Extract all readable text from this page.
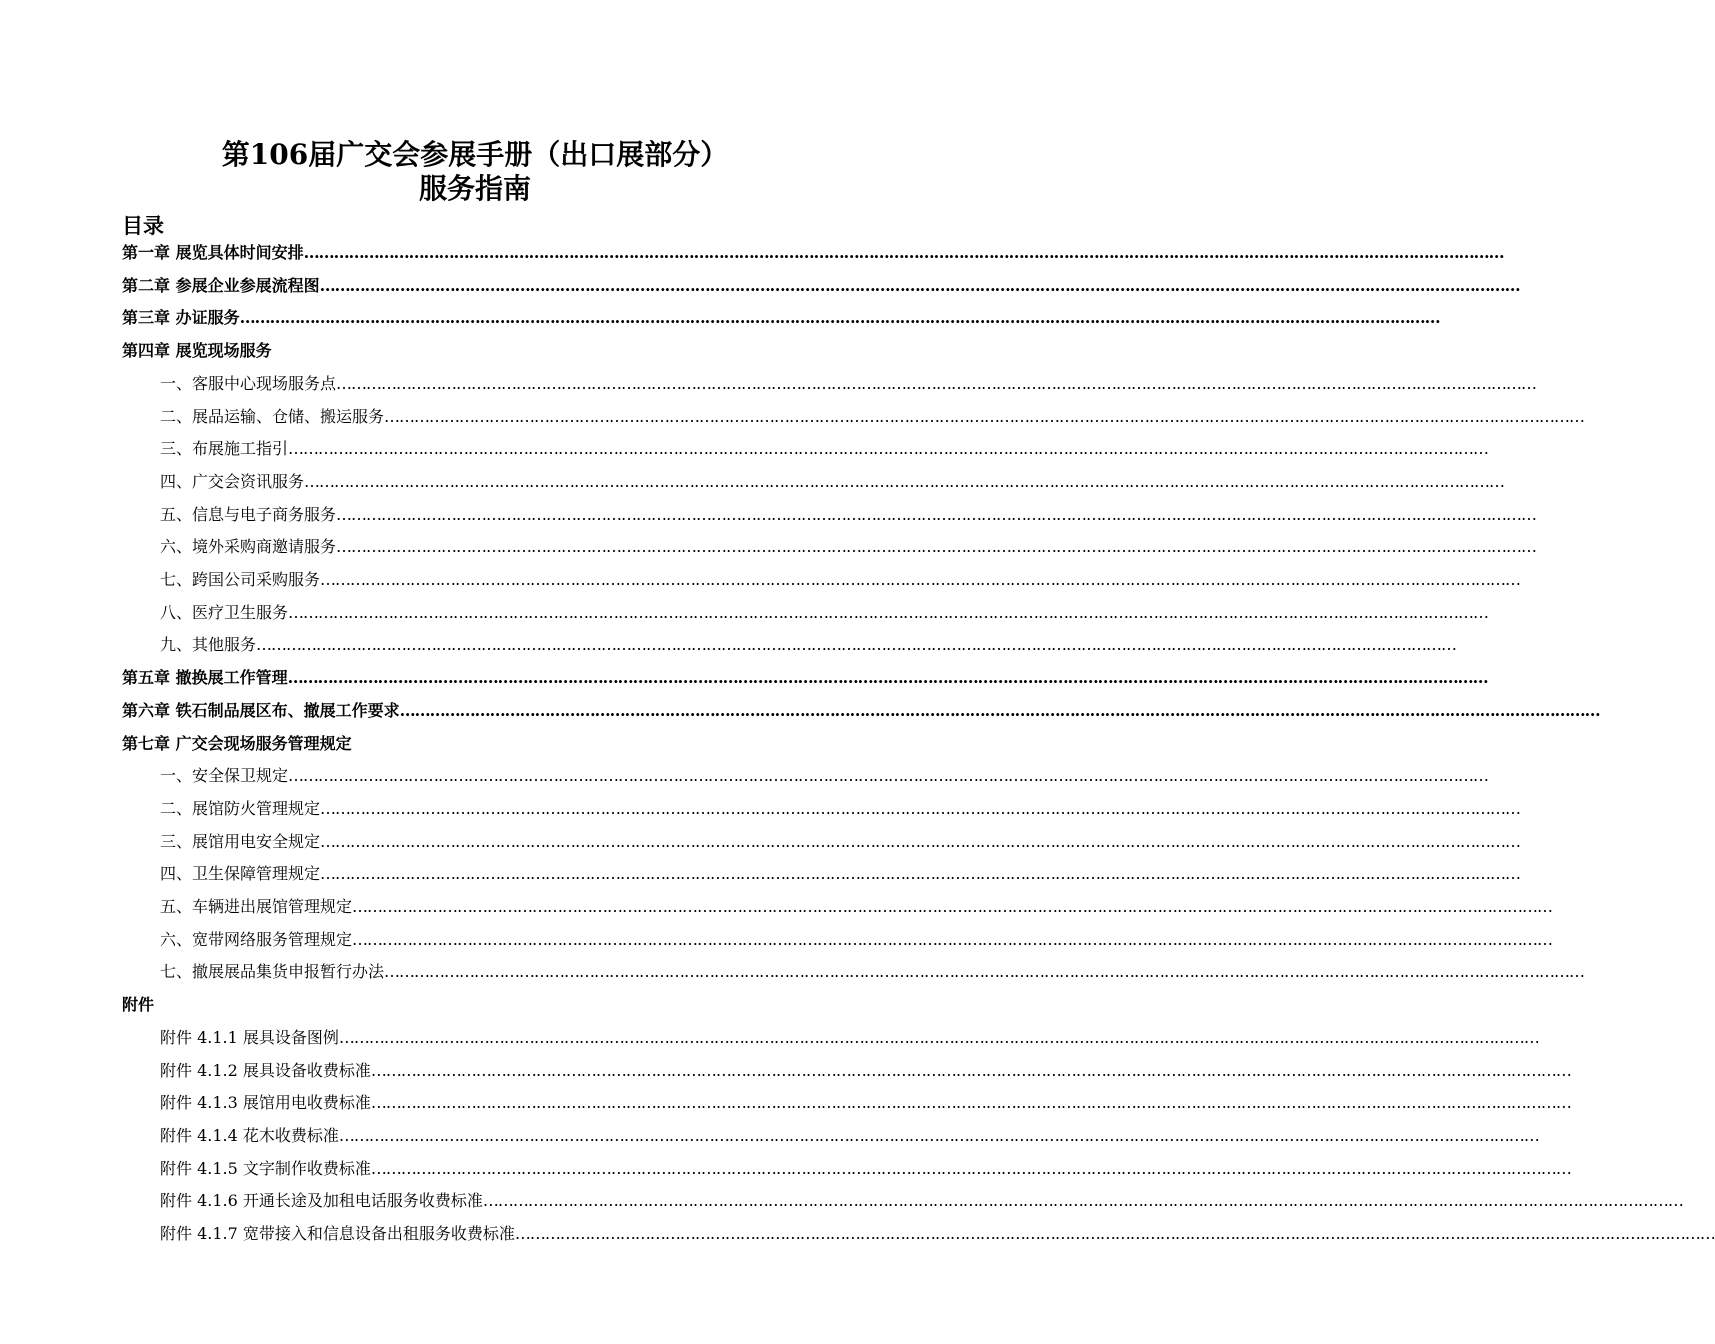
第106届广交会参展手册（出口展部分）
服务指南
目录
第一章 展览具体时间安排……………………………………………………………………………………………………………………………………………………………………………………………………………………
第二章 参展企业参展流程图……………………………………………………………………………………………………………………………………………………………………………………………………………………
第三章 办证服务……………………………………………………………………………………………………………………………………………………………………………………………………………………
第四章 展览现场服务
一、客服中心现场服务点……………………………………………………………………………………………………………………………………………………………………………………………………………………
二、展品运输、仓储、搬运服务……………………………………………………………………………………………………………………………………………………………………………………………………………………
三、布展施工指引……………………………………………………………………………………………………………………………………………………………………………………………………………………
四、广交会资讯服务……………………………………………………………………………………………………………………………………………………………………………………………………………………
五、信息与电子商务服务……………………………………………………………………………………………………………………………………………………………………………………………………………………
六、境外采购商邀请服务……………………………………………………………………………………………………………………………………………………………………………………………………………………
七、跨国公司采购服务……………………………………………………………………………………………………………………………………………………………………………………………………………………
八、医疗卫生服务……………………………………………………………………………………………………………………………………………………………………………………………………………………
九、其他服务……………………………………………………………………………………………………………………………………………………………………………………………………………………
第五章 撤换展工作管理……………………………………………………………………………………………………………………………………………………………………………………………………………………
第六章 铁石制品展区布、撤展工作要求……………………………………………………………………………………………………………………………………………………………………………………………………………………
第七章 广交会现场服务管理规定
一、安全保卫规定……………………………………………………………………………………………………………………………………………………………………………………………………………………
二、展馆防火管理规定……………………………………………………………………………………………………………………………………………………………………………………………………………………
三、展馆用电安全规定……………………………………………………………………………………………………………………………………………………………………………………………………………………
四、卫生保障管理规定……………………………………………………………………………………………………………………………………………………………………………………………………………………
五、车辆进出展馆管理规定……………………………………………………………………………………………………………………………………………………………………………………………………………………
六、宽带网络服务管理规定……………………………………………………………………………………………………………………………………………………………………………………………………………………
七、撤展展品集货申报暂行办法……………………………………………………………………………………………………………………………………………………………………………………………………………………
附件
附件 4.1.1 展具设备图例……………………………………………………………………………………………………………………………………………………………………………………………………………………
附件 4.1.2 展具设备收费标准……………………………………………………………………………………………………………………………………………………………………………………………………………………
附件 4.1.3 展馆用电收费标准……………………………………………………………………………………………………………………………………………………………………………………………………………………
附件 4.1.4 花木收费标准……………………………………………………………………………………………………………………………………………………………………………………………………………………
附件 4.1.5 文字制作收费标准……………………………………………………………………………………………………………………………………………………………………………………………………………………
附件 4.1.6 开通长途及加租电话服务收费标准……………………………………………………………………………………………………………………………………………………………………………………………………………………
附件 4.1.7 宽带接入和信息设备出租服务收费标准……………………………………………………………………………………………………………………………………………………………………………………………………………………
